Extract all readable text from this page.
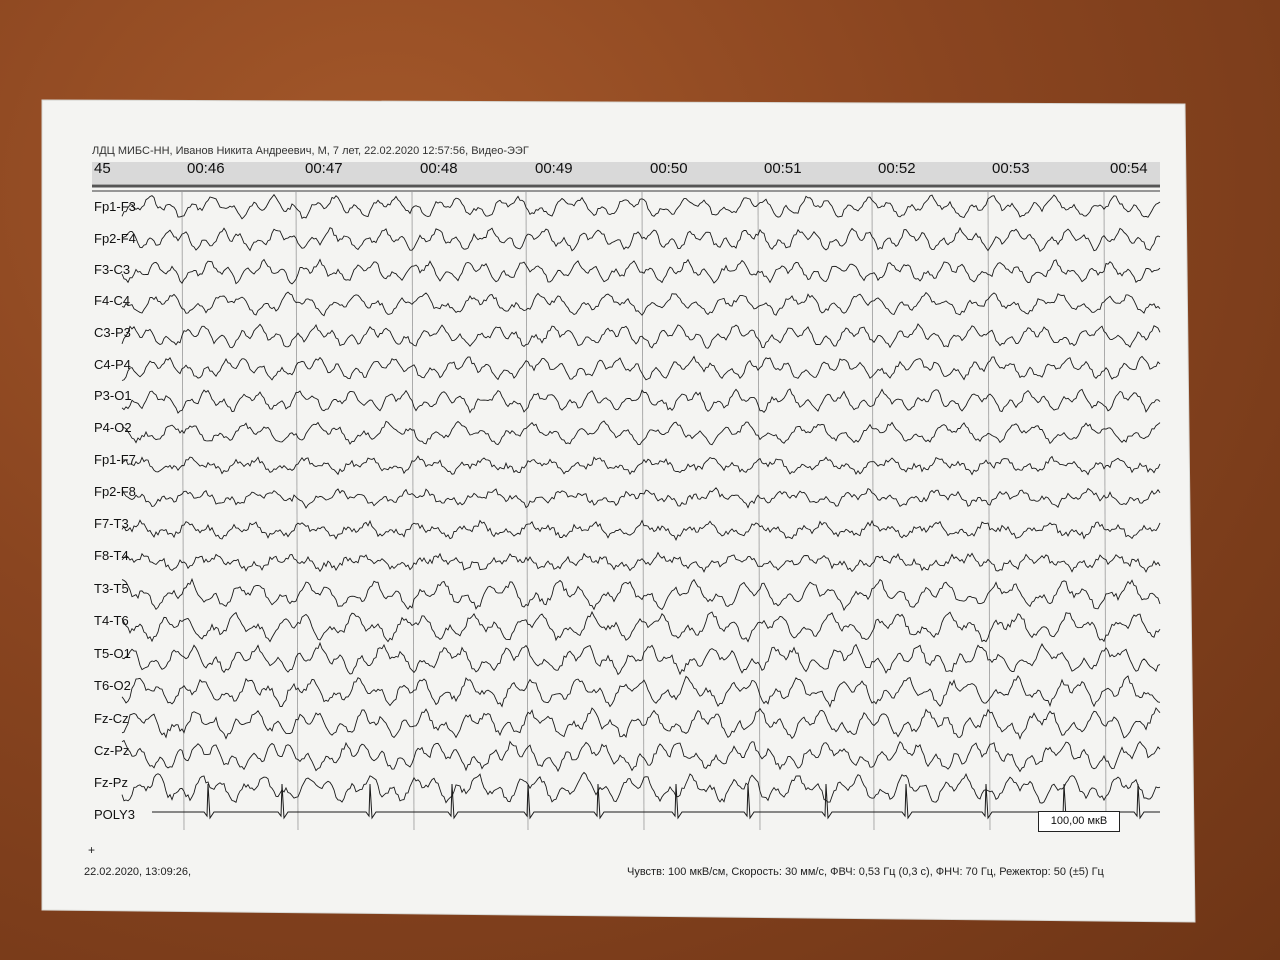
ЛДЦ МИБС-НН, Иванов Никита Андреевич, М, 7 лет, 22.02.2020 12:57:56, Видео-ЭЭГ
45	00:46	00:47	00:48	00:49	00:50	00:51	00:52	00:53	00:54
Fp1-F3
Fp2-F4
F3-C3
F4-C4
C3-P3
C4-P4
P3-O1
P4-O2
Fp1-F7
Fp2-F8
F7-T3
F8-T4
T3-T5
T4-T6
T5-O1
T6-O2
Fz-Cz
Cz-Pz
Fz-Pz
POLY3	100,00 мкВ
+
22.02.2020, 13:09:26,	Чувств: 100 мкВ/см, Скорость: 30 мм/с, ФВЧ: 0,53 Гц (0,3 с), ФНЧ: 70 Гц, Режектор: 50 (±5) Гц
